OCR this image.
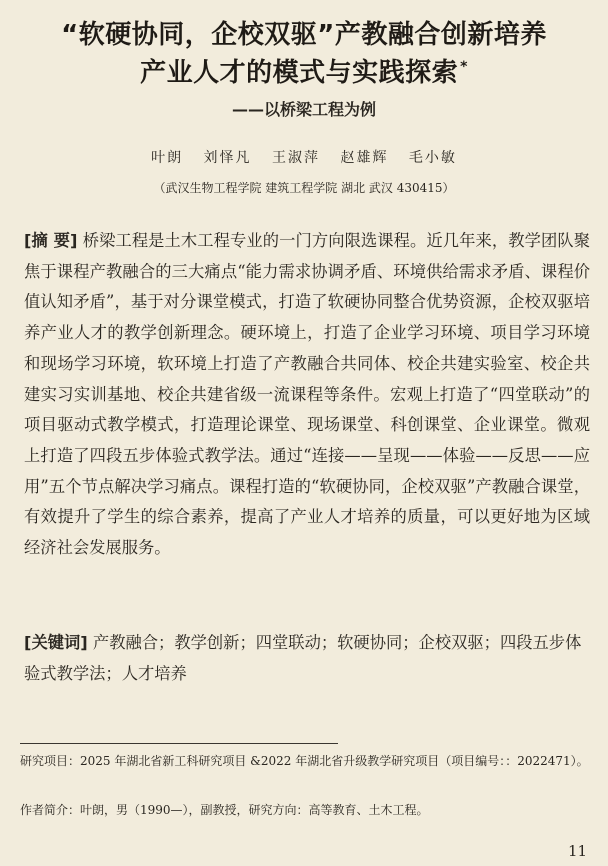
“软硬协同，企校双驱”产教融合创新培养
产业人才的模式与实践探索 *
——以桥梁工程为例
叶朗 刘怿凡 王淑萍 赵雄辉 毛小敏
（武汉生物工程学院 建筑工程学院 湖北 武汉 430415）
[摘 要] 桥梁工程是土木工程专业的一门方向限选课程。近几年来，教学团队聚焦于课程产教融合的三大痛点“能力需求协调矛盾、环境供给需求矛盾、课程价值认知矛盾”，基于对分课堂模式，打造了软硬协同整合优势资源，企校双驱培养产业人才的教学创新理念。硬环境上，打造了企业学习环境、项目学习环境和现场学习环境，软环境上打造了产教融合共同体、校企共建实验室、校企共建实习实训基地、校企共建省级一流课程等条件。宏观上打造了“四堂联动”的项目驱动式教学模式，打造理论课堂、现场课堂、科创课堂、企业课堂。微观上打造了四段五步体验式教学法。通过“连接——呈现——体验——反思——应用”五个节点解决学习痛点。课程打造的“软硬协同，企校双驱”产教融合课堂，有效提升了学生的综合素养，提高了产业人才培养的质量，可以更好地为区域经济社会发展服务。
[关键词] 产教融合；教学创新；四堂联动；软硬协同；企校双驱；四段五步体验式教学法；人才培养
研究项目：2025 年湖北省新工科研究项目 &2022 年湖北省升级教学研究项目（项目编号：：2022471）。
作者简介：叶朗，男（1990—），副教授，研究方向：高等教育、土木工程。
11
